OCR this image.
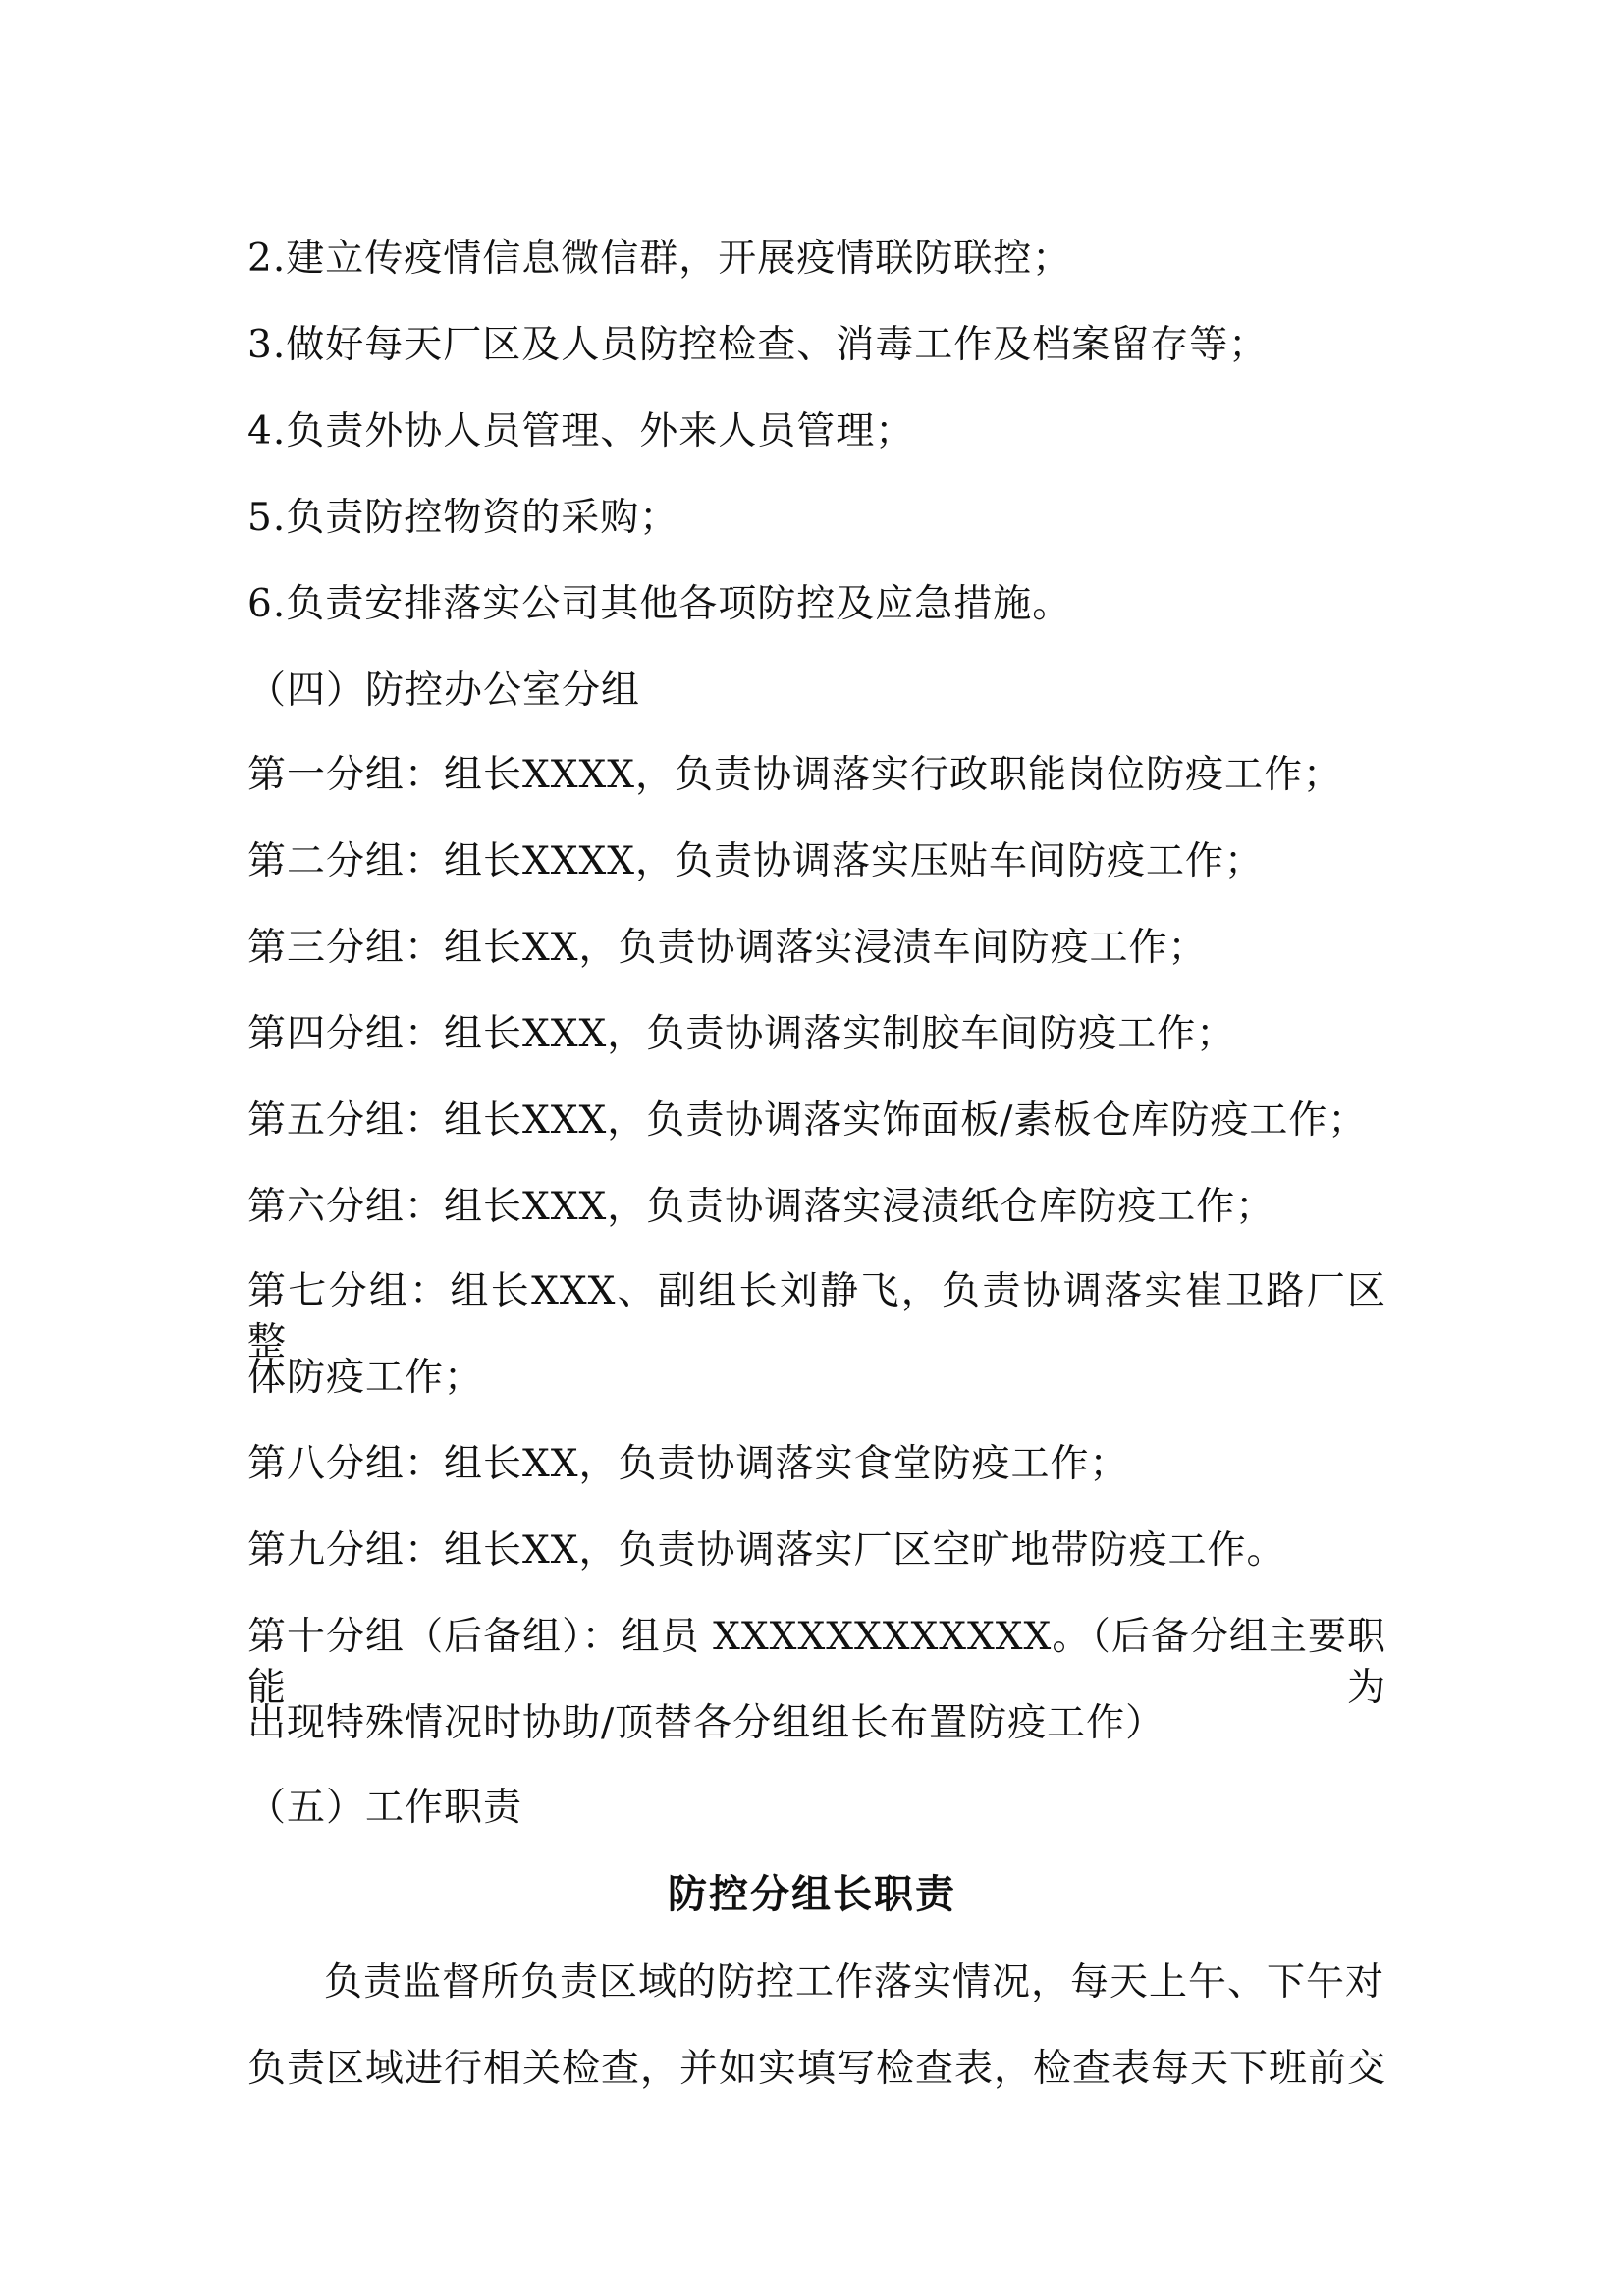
2.建立传疫情信息微信群，开展疫情联防联控；
3.做好每天厂区及人员防控检查、消毒工作及档案留存等；
4.负责外协人员管理、外来人员管理；
5.负责防控物资的采购；
6.负责安排落实公司其他各项防控及应急措施。
（四）防控办公室分组
第一分组：组长XXXX，负责协调落实行政职能岗位防疫工作；
第二分组：组长XXXX，负责协调落实压贴车间防疫工作；
第三分组：组长XX，负责协调落实浸渍车间防疫工作；
第四分组：组长XXX，负责协调落实制胶车间防疫工作；
第五分组：组长XXX，负责协调落实饰面板/素板仓库防疫工作；
第六分组：组长XXX，负责协调落实浸渍纸仓库防疫工作；
第七分组：组长XXX、副组长刘静飞，负责协调落实崔卫路厂区整
体防疫工作；
第八分组：组长XX，负责协调落实食堂防疫工作；
第九分组：组长XX，负责协调落实厂区空旷地带防疫工作。
第十分组（后备组）：组员 XXXXXXXXXXXX。（后备分组主要职能为
出现特殊情况时协助/顶替各分组组长布置防疫工作）
（五）工作职责
防控分组长职责
负责监督所负责区域的防控工作落实情况，每天上午、下午对
负责区域进行相关检查，并如实填写检查表，检查表每天下班前交
